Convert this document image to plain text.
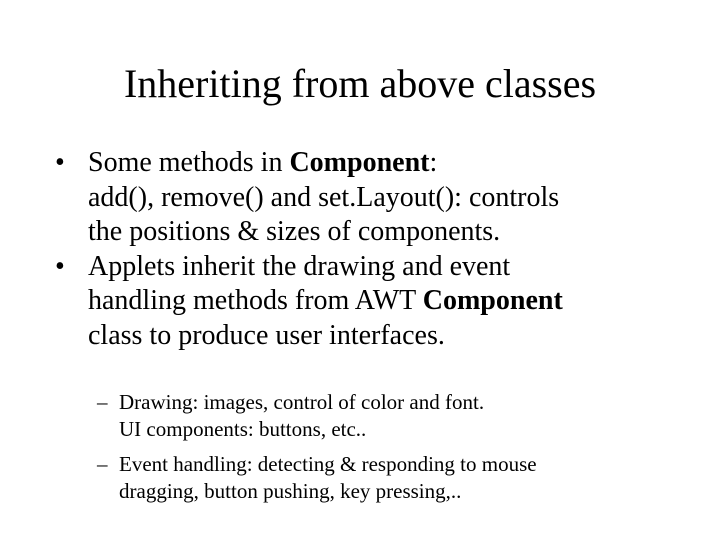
Inheriting from above classes
• Some methods in Component:
add(), remove() and set.Layout(): controls
the positions & sizes of components.
• Applets inherit the drawing and event
handling methods from AWT Component
class to produce user interfaces.
– Drawing: images, control of color and font.
UI components: buttons, etc..
– Event handling: detecting & responding to mouse
dragging, button pushing, key pressing,..
